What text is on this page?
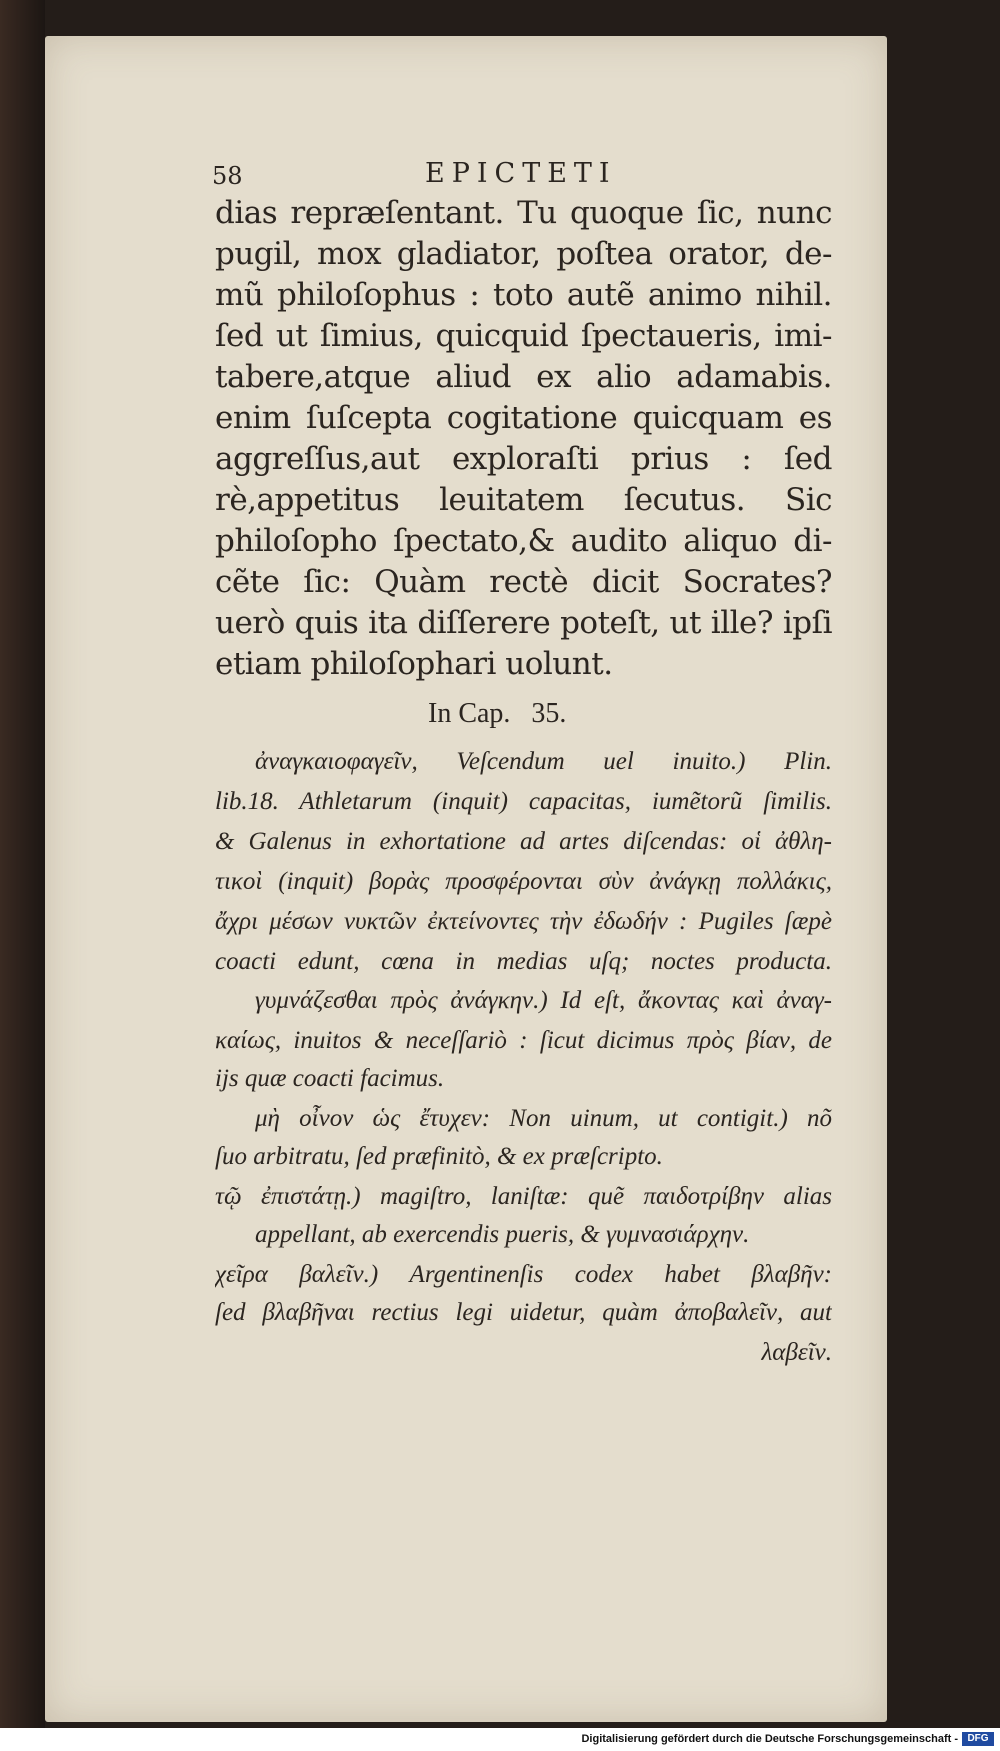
58	EPICTETI
dias repræſentant. Tu quoque ſic, nunc
pugil, mox gladiator, poſtea orator, de-
mũ philoſophus : toto autẽ animo nihil.
ſed ut ſimius, quicquid ſpectaueris, imi-
tabere,atque aliud ex alio adamabis.
enim ſuſcepta cogitatione quicquam es
aggreſſus,aut exploraſti prius : ſed
rè,appetitus leuitatem ſecutus. Sic
philoſopho ſpectato,& audito aliquo di-
cẽte ſic: Quàm rectè dicit Socrates?
uerò quis ita diſſerere poteſt, ut ille? ipſi
etiam philoſophari uolunt.
In Cap.   35.
ἀναγκαιοφαγεῖν, Veſcendum uel inuito.) Plin.
lib.18. Athletarum (inquit) capacitas, iumẽtorũ ſimilis.
& Galenus in exhortatione ad artes diſcendas: οἱ ἀθλη-
τικοὶ (inquit) βορὰς προσφέρονται σὺν ἀνάγκῃ πολλάκις,
ἄχρι μέσων νυκτῶν ἐκτείνοντες τὴν ἐδωδήν : Pugiles ſæpè
coacti edunt, cœna in medias uſq; noctes producta.
γυμνάζεσθαι πρὸς ἀνάγκην.) Id eſt, ἄκοντας καὶ ἀναγ-
καίως, inuitos & neceſſariò : ſicut dicimus πρὸς βίαν, de
ijs quæ coacti facimus.
μὴ οἶνον ὡς ἔτυχεν: Non uinum, ut contigit.) nõ
ſuo arbitratu, ſed præfinitò, & ex præſcripto.
τῷ ἐπιστάτῃ.) magiſtro, laniſtæ: quẽ παιδοτρίβην alias
appellant, ab exercendis pueris, & γυμνασιάρχην.
χεῖρα βαλεῖν.) Argentinenſis codex habet βλαβῆν:
ſed βλαβῆναι rectius legi uidetur, quàm ἀποβαλεῖν, aut
λαβεῖν.
Digitalisierung gefördert durch die Deutsche Forschungsgemeinschaft - DFG
